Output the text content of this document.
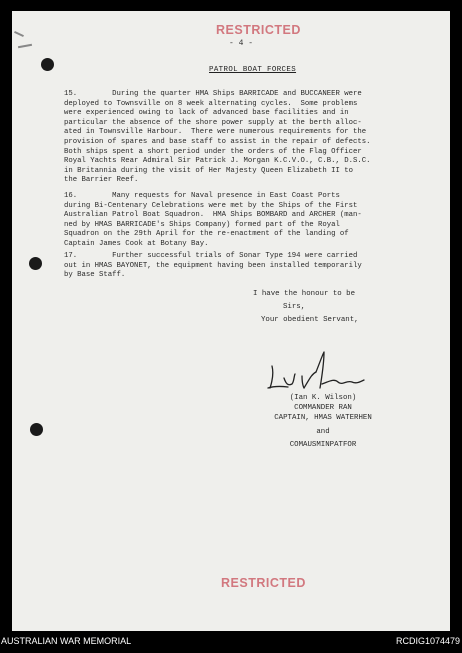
RESTRICTED
- 4 -
PATROL BOAT FORCES
15.        During the quarter HMA Ships BARRICADE and BUCCANEER were
deployed to Townsville on 8 week alternating cycles.  Some problems
were experienced owing to lack of advanced base facilities and in
particular the absence of the shore power supply at the berth alloc-
ated in Townsville Harbour.  There were numerous requirements for the
provision of spares and base staff to assist in the repair of defects.
Both ships spent a short period under the orders of the Flag Officer
Royal Yachts Rear Admiral Sir Patrick J. Morgan K.C.V.O., C.B., D.S.C.
in Britannia during the visit of Her Majesty Queen Elizabeth II to
the Barrier Reef.
16.        Many requests for Naval presence in East Coast Ports
during Bi-Centenary Celebrations were met by the Ships of the First
Australian Patrol Boat Squadron.  HMA Ships BOMBARD and ARCHER (man-
ned by HMAS BARRICADE's Ships Company) formed part of the Royal
Squadron on the 29th April for the re-enactment of the landing of
Captain James Cook at Botany Bay.
17.        Further successful trials of Sonar Type 194 were carried
out in HMAS BAYONET, the equipment having been installed temporarily
by Base Staff.
I have the honour to be
Sirs,
Your obedient Servant,
(Ian K. Wilson)
COMMANDER RAN
CAPTAIN, HMAS WATERHEN
and
COMAUSMINPATFOR
RESTRICTED
AUSTRALIAN WAR MEMORIAL	RCDIG1074479
